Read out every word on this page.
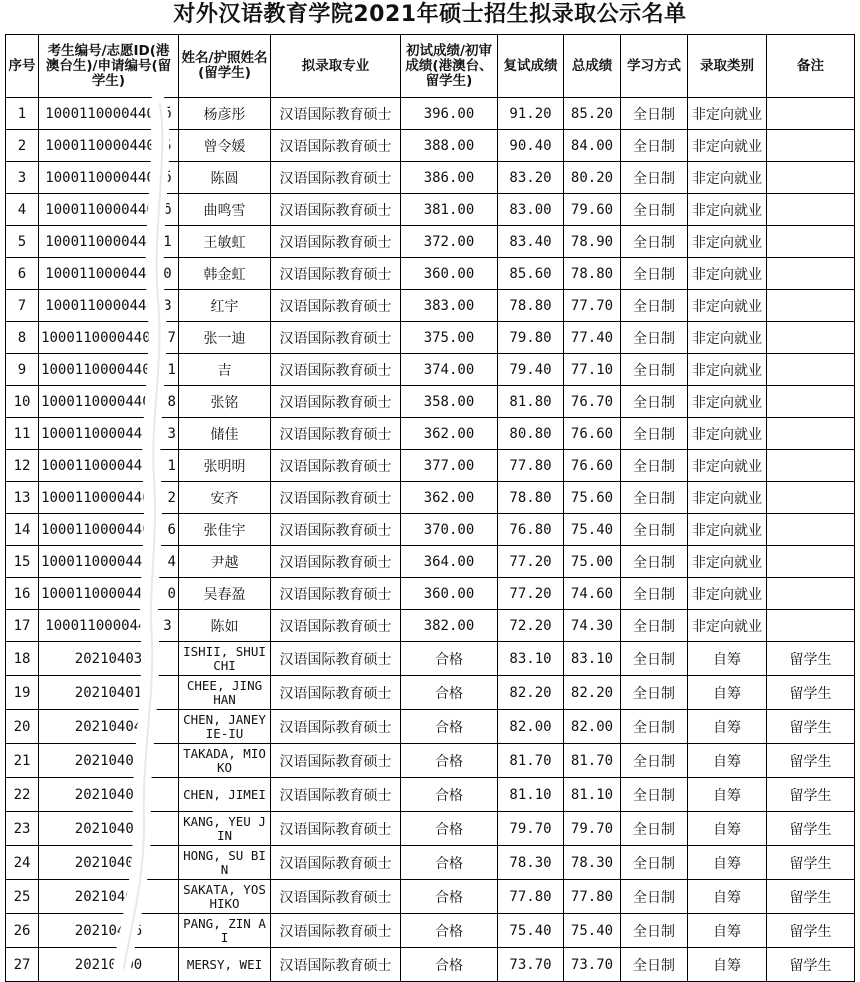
对外汉语教育学院2021年硕士招生拟录取公示名单
序号	考生编号/志愿ID(港澳台生)/申请编号(留学生)	姓名/护照姓名(留学生)	拟录取专业	初试成绩/初审成绩(港澳台、留学生)	复试成绩	总成绩	学习方式	录取类别	备注
1	10001100004401б	杨彦彤	汉语国际教育硕士	396.00	91.20	85.20	全日制	非定向就业	
2	100011000044025	曾令媛	汉语国际教育硕士	388.00	90.40	84.00	全日制	非定向就业	
3	10001100004402б	陈圆	汉语国际教育硕士	386.00	83.20	80.20	全日制	非定向就业	
4	10001100004401δ	曲鸣雪	汉语国际教育硕士	381.00	83.00	79.60	全日制	非定向就业	
5	1000110000440ı1	王敏虹	汉语国际教育硕士	372.00	83.40	78.90	全日制	非定向就业	
6	100011000044020	韩金虹	汉语国际教育硕士	360.00	85.60	78.80	全日制	非定向就业	
7	10001100004404З	红宇	汉语国际教育硕士	383.00	78.80	77.70	全日制	非定向就业	
8	10001100004400 7	张一迪	汉语国际教育硕士	375.00	79.80	77.40	全日制	非定向就业	
9	10001100004406 1	吉	汉语国际教育硕士	374.00	79.40	77.10	全日制	非定向就业	
10	10001100004407 8	张铭	汉语国际教育硕士	358.00	81.80	76.70	全日制	非定向就业	
11	10001100004405 3	储佳	汉语国际教育硕士	362.00	80.80	76.60	全日制	非定向就业	
12	10001100004400 1	张明明	汉语国际教育硕士	377.00	77.80	76.60	全日制	非定向就业	
13	10001100004405 2	安齐	汉语国际教育硕士	362.00	78.80	75.60	全日制	非定向就业	
14	10001100004408 6	张佳宇	汉语国际教育硕士	370.00	76.80	75.40	全日制	非定向就业	
15	10001100004401 4	尹越	汉语国际教育硕士	364.00	77.20	75.00	全日制	非定向就业	
16	10001100004402 0	吴春盈	汉语国际教育硕士	360.00	77.20	74.60	全日制	非定向就业	
17	1000110000440 3	陈如	汉语国际教育硕士	382.00	72.20	74.30	全日制	非定向就业	
18	20210403	ISHII, SHUICHI	汉语国际教育硕士	合格	83.10	83.10	全日制	自筹	留学生
19	20210401	CHEE, JING HAN	汉语国际教育硕士	合格	82.20	82.20	全日制	自筹	留学生
20	20210404	CHEN, JANEY IE-IU	汉语国际教育硕士	合格	82.00	82.00	全日制	自筹	留学生
21	20210401	TAKADA, MIOKO	汉语国际教育硕士	合格	81.70	81.70	全日制	自筹	留学生
22	20210402	CHEN, JIMEI	汉语国际教育硕士	合格	81.10	81.10	全日制	自筹	留学生
23	20210402	KANG, YEU JIN	汉语国际教育硕士	合格	79.70	79.70	全日制	自筹	留学生
24	20210400	HONG, SU BIN	汉语国际教育硕士	合格	78.30	78.30	全日制	自筹	留学生
25	20210401	SAKATA, YOSHIKO	汉语国际教育硕士	合格	77.80	77.80	全日制	自筹	留学生
26	20210406	PANG, ZIN AI	汉语国际教育硕士	合格	75.40	75.40	全日制	自筹	留学生
27	20210400	MERSY, WEI	汉语国际教育硕士	合格	73.70	73.70	全日制	自筹	留学生
